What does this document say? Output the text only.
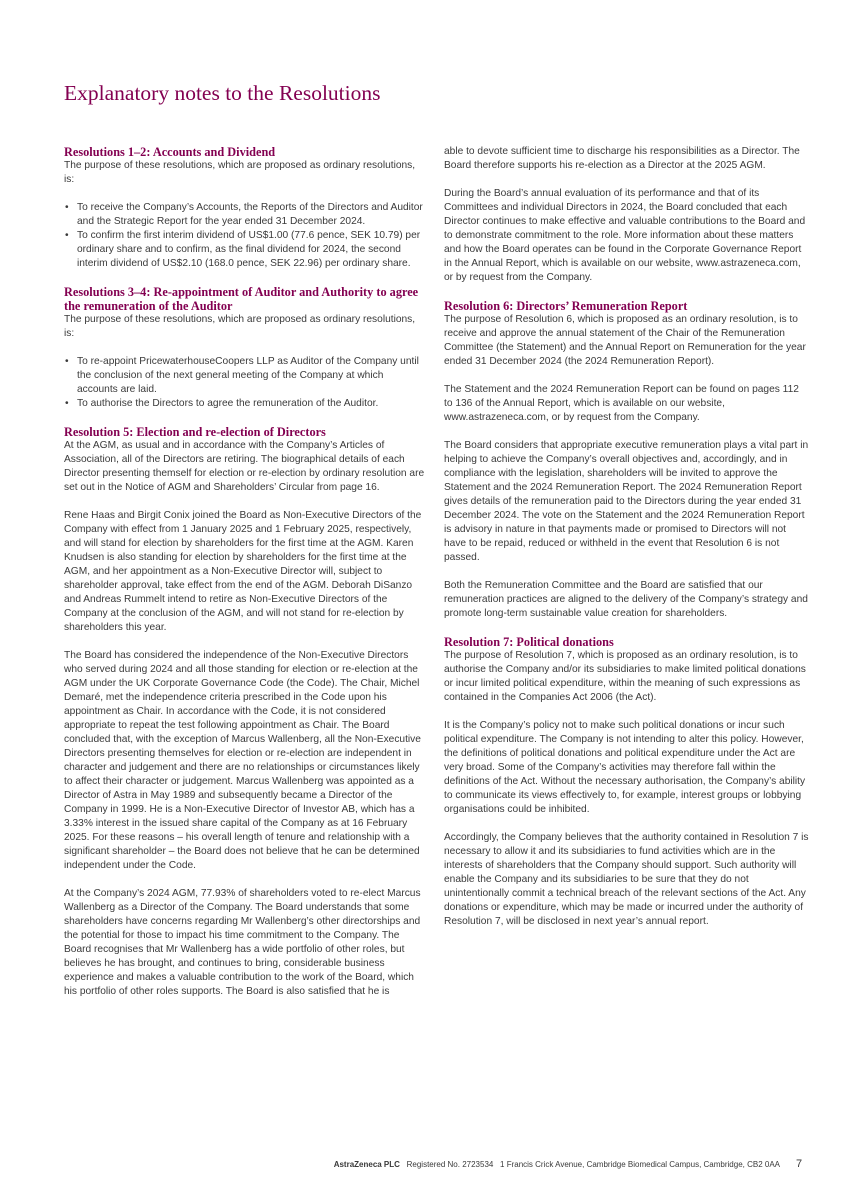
Explanatory notes to the Resolutions
Resolutions 1–2: Accounts and Dividend

The purpose of these resolutions, which are proposed as ordinary resolutions, is:

• To receive the Company’s Accounts, the Reports of the Directors and Auditor and the Strategic Report for the year ended 31 December 2024.
• To confirm the first interim dividend of US$1.00 (77.6 pence, SEK 10.79) per ordinary share and to confirm, as the final dividend for 2024, the second interim dividend of US$2.10 (168.0 pence, SEK 22.96) per ordinary share.
Resolutions 3–4: Re-appointment of Auditor and Authority to agree the remuneration of the Auditor

The purpose of these resolutions, which are proposed as ordinary resolutions, is:

• To re-appoint PricewaterhouseCoopers LLP as Auditor of the Company until the conclusion of the next general meeting of the Company at which accounts are laid.
• To authorise the Directors to agree the remuneration of the Auditor.
Resolution 5: Election and re-election of Directors

At the AGM, as usual and in accordance with the Company’s Articles of Association, all of the Directors are retiring. The biographical details of each Director presenting themself for election or re-election by ordinary resolution are set out in the Notice of AGM and Shareholders’ Circular from page 16.

Rene Haas and Birgit Conix joined the Board as Non-Executive Directors of the Company with effect from 1 January 2025 and 1 February 2025, respectively, and will stand for election by shareholders for the first time at the AGM. Karen Knudsen is also standing for election by shareholders for the first time at the AGM, and her appointment as a Non-Executive Director will, subject to shareholder approval, take effect from the end of the AGM. Deborah DiSanzo and Andreas Rummelt intend to retire as Non-Executive Directors of the Company at the conclusion of the AGM, and will not stand for re-election by shareholders this year.

The Board has considered the independence of the Non-Executive Directors who served during 2024 and all those standing for election or re-election at the AGM under the UK Corporate Governance Code (the Code). The Chair, Michel Demaré, met the independence criteria prescribed in the Code upon his appointment as Chair. In accordance with the Code, it is not considered appropriate to repeat the test following appointment as Chair. The Board concluded that, with the exception of Marcus Wallenberg, all the Non-Executive Directors presenting themselves for election or re-election are independent in character and judgement and there are no relationships or circumstances likely to affect their character or judgement. Marcus Wallenberg was appointed as a Director of Astra in May 1989 and subsequently became a Director of the Company in 1999. He is a Non-Executive Director of Investor AB, which has a 3.33% interest in the issued share capital of the Company as at 16 February 2025. For these reasons – his overall length of tenure and relationship with a significant shareholder – the Board does not believe that he can be determined independent under the Code.

At the Company’s 2024 AGM, 77.93% of shareholders voted to re-elect Marcus Wallenberg as a Director of the Company. The Board understands that some shareholders have concerns regarding Mr Wallenberg’s other directorships and the potential for those to impact his time commitment to the Company. The Board recognises that Mr Wallenberg has a wide portfolio of other roles, but believes he has brought, and continues to bring, considerable business experience and makes a valuable contribution to the work of the Board, which his portfolio of other roles supports. The Board is also satisfied that he is

able to devote sufficient time to discharge his responsibilities as a Director. The Board therefore supports his re-election as a Director at the 2025 AGM.

During the Board’s annual evaluation of its performance and that of its Committees and individual Directors in 2024, the Board concluded that each Director continues to make effective and valuable contributions to the Board and to demonstrate commitment to the role. More information about these matters and how the Board operates can be found in the Corporate Governance Report in the Annual Report, which is available on our website, www.astrazeneca.com, or by request from the Company.

Resolution 6: Directors’ Remuneration Report

The purpose of Resolution 6, which is proposed as an ordinary resolution, is to receive and approve the annual statement of the Chair of the Remuneration Committee (the Statement) and the Annual Report on Remuneration for the year ended 31 December 2024 (the 2024 Remuneration Report).

The Statement and the 2024 Remuneration Report can be found on pages 112 to 136 of the Annual Report, which is available on our website, www.astrazeneca.com, or by request from the Company.

The Board considers that appropriate executive remuneration plays a vital part in helping to achieve the Company’s overall objectives and, accordingly, and in compliance with the legislation, shareholders will be invited to approve the Statement and the 2024 Remuneration Report. The 2024 Remuneration Report gives details of the remuneration paid to the Directors during the year ended 31 December 2024. The vote on the Statement and the 2024 Remuneration Report is advisory in nature in that payments made or promised to Directors will not have to be repaid, reduced or withheld in the event that Resolution 6 is not passed.

Both the Remuneration Committee and the Board are satisfied that our remuneration practices are aligned to the delivery of the Company’s strategy and promote long-term sustainable value creation for shareholders.

Resolution 7: Political donations

The purpose of Resolution 7, which is proposed as an ordinary resolution, is to authorise the Company and/or its subsidiaries to make limited political donations or incur limited political expenditure, within the meaning of such expressions as contained in the Companies Act 2006 (the Act).

It is the Company’s policy not to make such political donations or incur such political expenditure. The Company is not intending to alter this policy. However, the definitions of political donations and political expenditure under the Act are very broad. Some of the Company’s activities may therefore fall within the definitions of the Act. Without the necessary authorisation, the Company’s ability to communicate its views effectively to, for example, interest groups or lobbying organisations could be inhibited.

Accordingly, the Company believes that the authority contained in Resolution 7 is necessary to allow it and its subsidiaries to fund activities which are in the interests of shareholders that the Company should support. Such authority will enable the Company and its subsidiaries to be sure that they do not unintentionally commit a technical breach of the relevant sections of the Act. Any donations or expenditure, which may be made or incurred under the authority of Resolution 7, will be disclosed in next year’s annual report.

AstraZeneca PLC Registered No. 2723534 1 Francis Crick Avenue, Cambridge Biomedical Campus, Cambridge, CB2 0AA 7
